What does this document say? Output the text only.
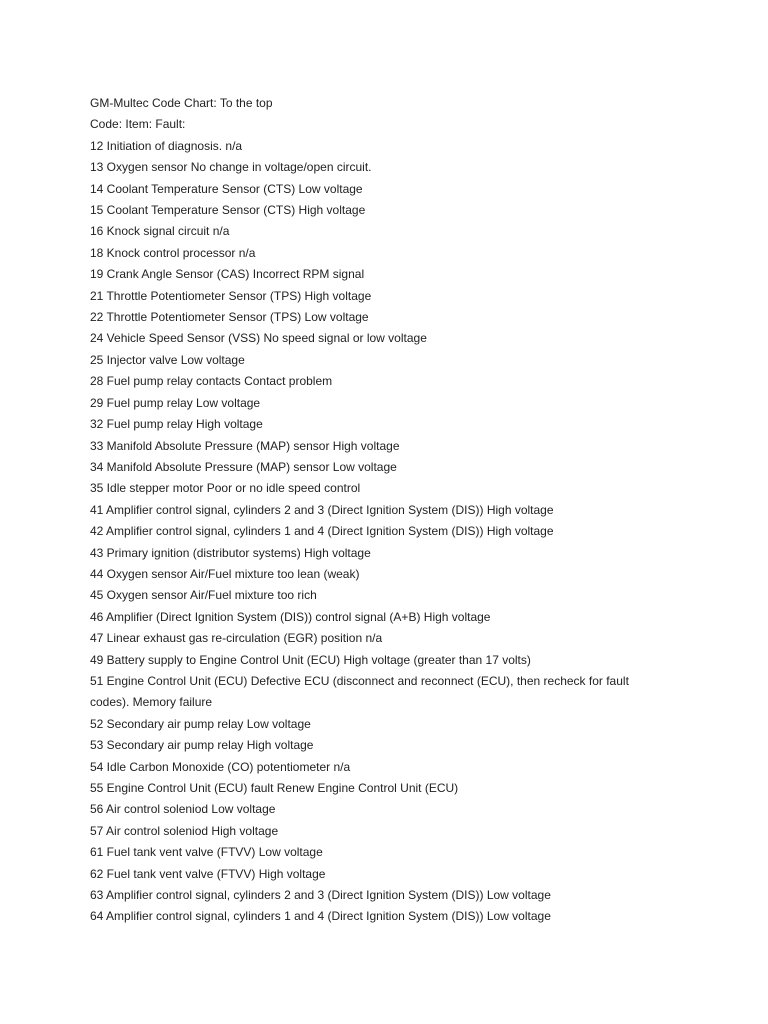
GM-Multec Code Chart: To the top

Code: Item: Fault:

12 Initiation of diagnosis. n/a

13 Oxygen sensor No change in voltage/open circuit.

14 Coolant Temperature Sensor (CTS) Low voltage

15 Coolant Temperature Sensor (CTS) High voltage

16 Knock signal circuit n/a

18 Knock control processor n/a

19 Crank Angle Sensor (CAS) Incorrect RPM signal

21 Throttle Potentiometer Sensor (TPS) High voltage

22 Throttle Potentiometer Sensor (TPS) Low voltage

24 Vehicle Speed Sensor (VSS) No speed signal or low voltage

25 Injector valve Low voltage

28 Fuel pump relay contacts Contact problem

29 Fuel pump relay Low voltage

32 Fuel pump relay High voltage

33 Manifold Absolute Pressure (MAP) sensor High voltage

34 Manifold Absolute Pressure (MAP) sensor Low voltage

35 Idle stepper motor Poor or no idle speed control

41 Amplifier control signal, cylinders 2 and 3 (Direct Ignition System (DIS)) High voltage

42 Amplifier control signal, cylinders 1 and 4 (Direct Ignition System (DIS)) High voltage

43 Primary ignition (distributor systems) High voltage

44 Oxygen sensor Air/Fuel mixture too lean (weak)

45 Oxygen sensor Air/Fuel mixture too rich

46 Amplifier (Direct Ignition System (DIS)) control signal (A+B) High voltage

47 Linear exhaust gas re-circulation (EGR) position n/a

49 Battery supply to Engine Control Unit (ECU) High voltage (greater than 17 volts)

51 Engine Control Unit (ECU) Defective ECU (disconnect and reconnect (ECU), then recheck for fault codes). Memory failure

52 Secondary air pump relay Low voltage

53 Secondary air pump relay High voltage

54 Idle Carbon Monoxide (CO) potentiometer n/a

55 Engine Control Unit (ECU) fault Renew Engine Control Unit (ECU)

56 Air control soleniod Low voltage

57 Air control soleniod High voltage

61 Fuel tank vent valve (FTVV) Low voltage

62 Fuel tank vent valve (FTVV) High voltage

63 Amplifier control signal, cylinders 2 and 3 (Direct Ignition System (DIS)) Low voltage

64 Amplifier control signal, cylinders 1 and 4 (Direct Ignition System (DIS)) Low voltage
